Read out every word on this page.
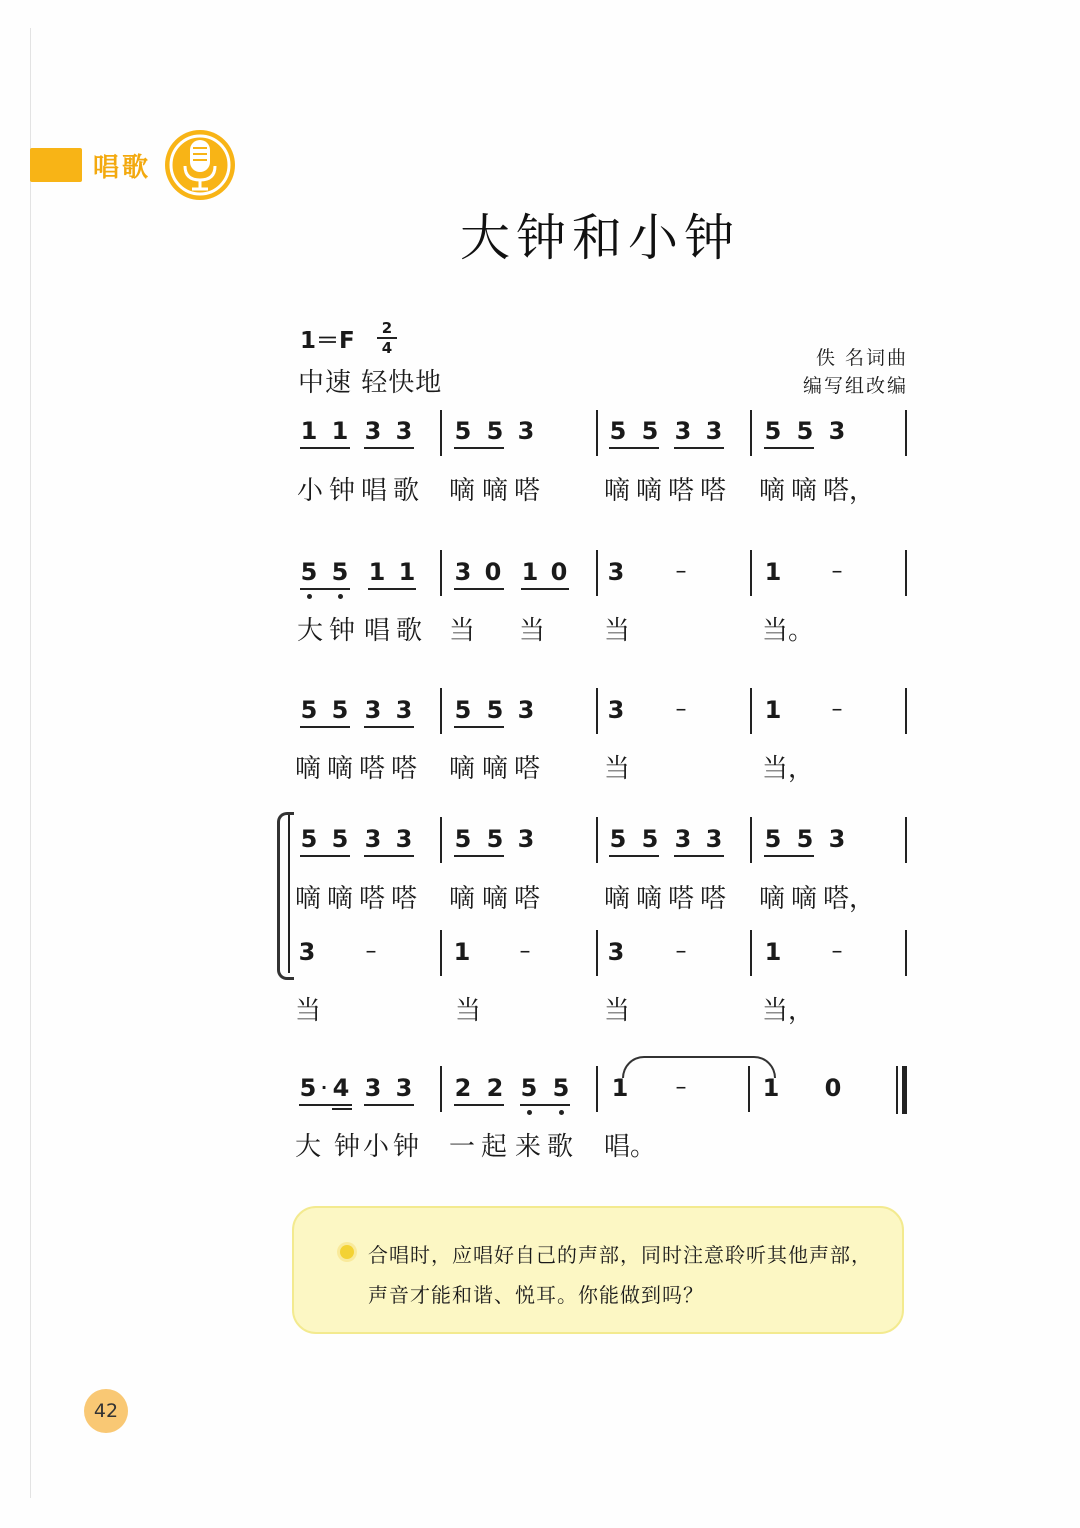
唱歌
大钟和小钟
1＝F	2
4
中速 轻快地
佚 名词曲
编写组改编
1 1 3 3 5 5 3	5 5 3 3 5 5 3
小 钟 唱 歌 嘀 嘀 嗒 嘀 嘀 嗒 嗒 嘀 嘀 嗒，
5 5 1 1 3 0 1 0 3 –	1 –
大 钟 唱 歌 当 当 当	当。
5 5 3 3 5 5 3	3 –	1 –
嘀 嘀 嗒 嗒 嘀 嘀 嗒 当	当，
5 5 3 3 5 5 3	5 5 3 3 5 5 3
嘀 嘀 嗒 嗒 嘀 嘀 嗒 嘀 嘀 嗒 嗒 嘀 嘀 嗒，
3 –	1 –	3 –	1 –
当	当	当	当，
5 · 4 3 3 2 2 5 5 1 –	1 0
大 钟 小 钟 一 起 来 歌 唱。
合唱时，应唱好自己的声部，同时注意聆听其他声部，
声音才能和谐、悦耳。你能做到吗？
42
